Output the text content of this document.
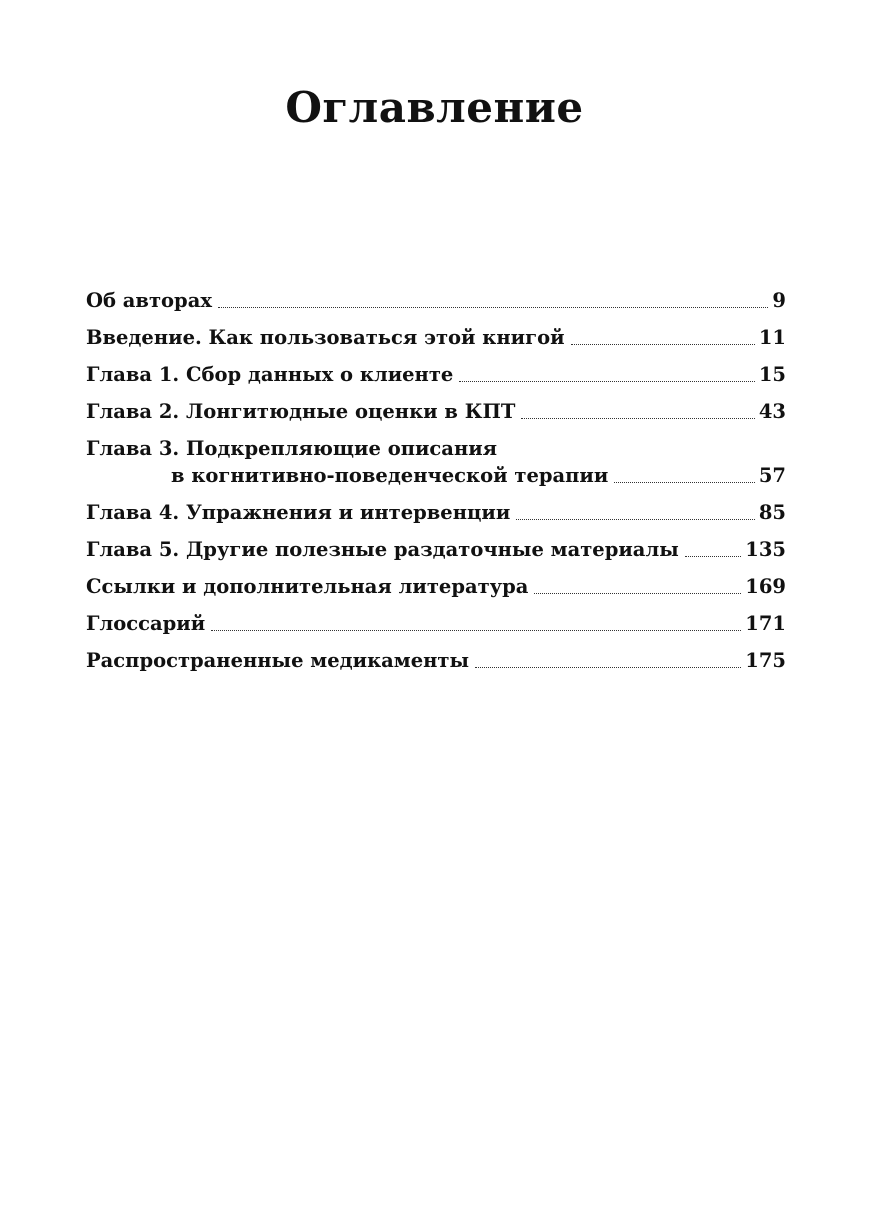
Оглавление
Об авторах	9
Введение. Как пользоваться этой книгой	11
Глава 1. Сбор данных о клиенте	15
Глава 2. Лонгитюдные оценки в КПТ	43
Глава 3. Подкрепляющие описания
в когнитивно-поведенческой терапии	57
Глава 4. Упражнения и интервенции	85
Глава 5. Другие полезные раздаточные материалы	135
Ссылки и дополнительная литература	169
Глоссарий	171
Распространенные медикаменты	175
